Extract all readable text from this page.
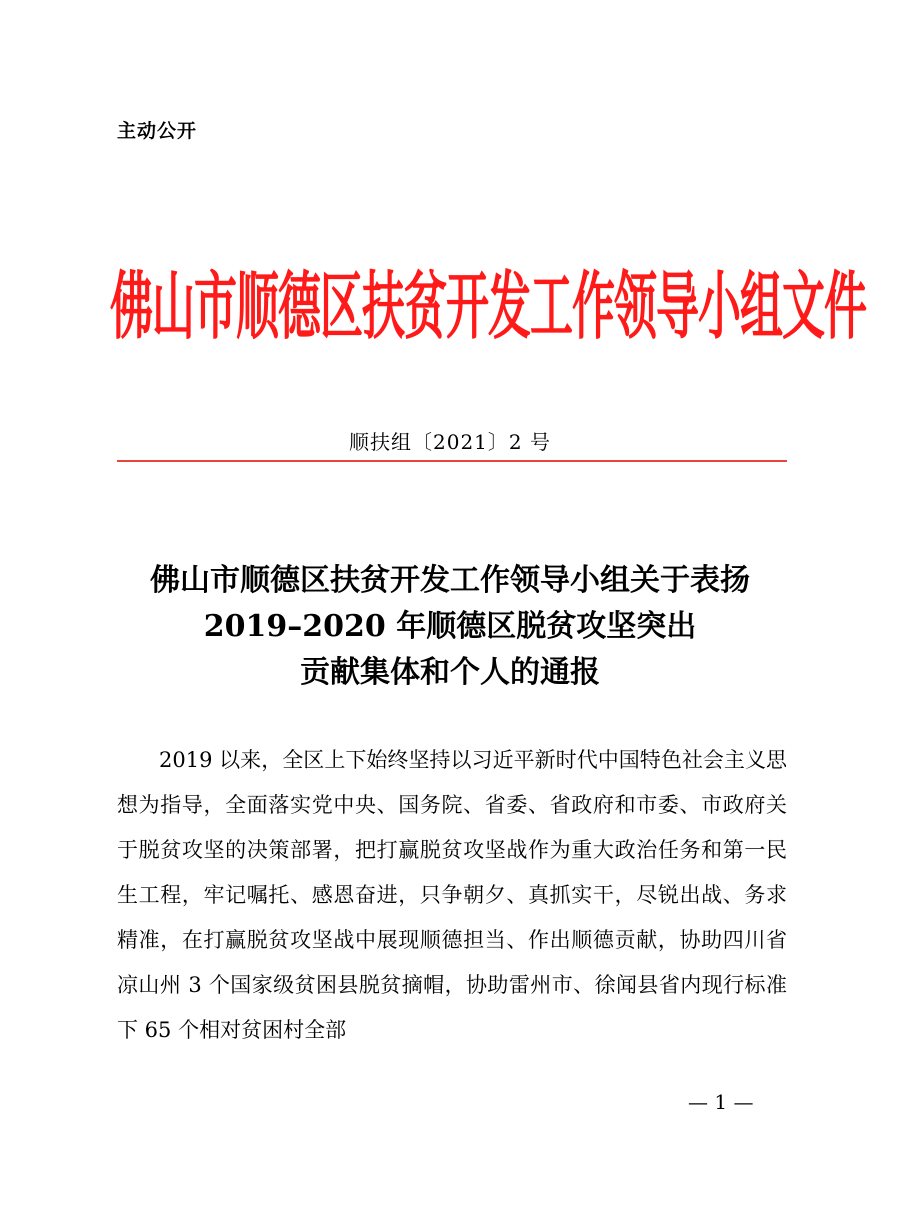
主动公开
佛山市顺德区扶贫开发工作领导小组文件
顺扶组〔2021〕2 号
佛山市顺德区扶贫开发工作领导小组关于表扬
2019–2020 年顺德区脱贫攻坚突出
贡献集体和个人的通报

2019 以来，全区上下始终坚持以习近平新时代中国特色社会主义思想为指导，全面落实党中央、国务院、省委、省政府和市委、市政府关于脱贫攻坚的决策部署，把打赢脱贫攻坚战作为重大政治任务和第一民生工程，牢记嘱托、感恩奋进，只争朝夕、真抓实干，尽锐出战、务求精准，在打赢脱贫攻坚战中展现顺德担当、作出顺德贡献，协助四川省凉山州 3 个国家级贫困县脱贫摘帽，协助雷州市、徐闻县省内现行标准下 65 个相对贫困村全部

— 1 —
